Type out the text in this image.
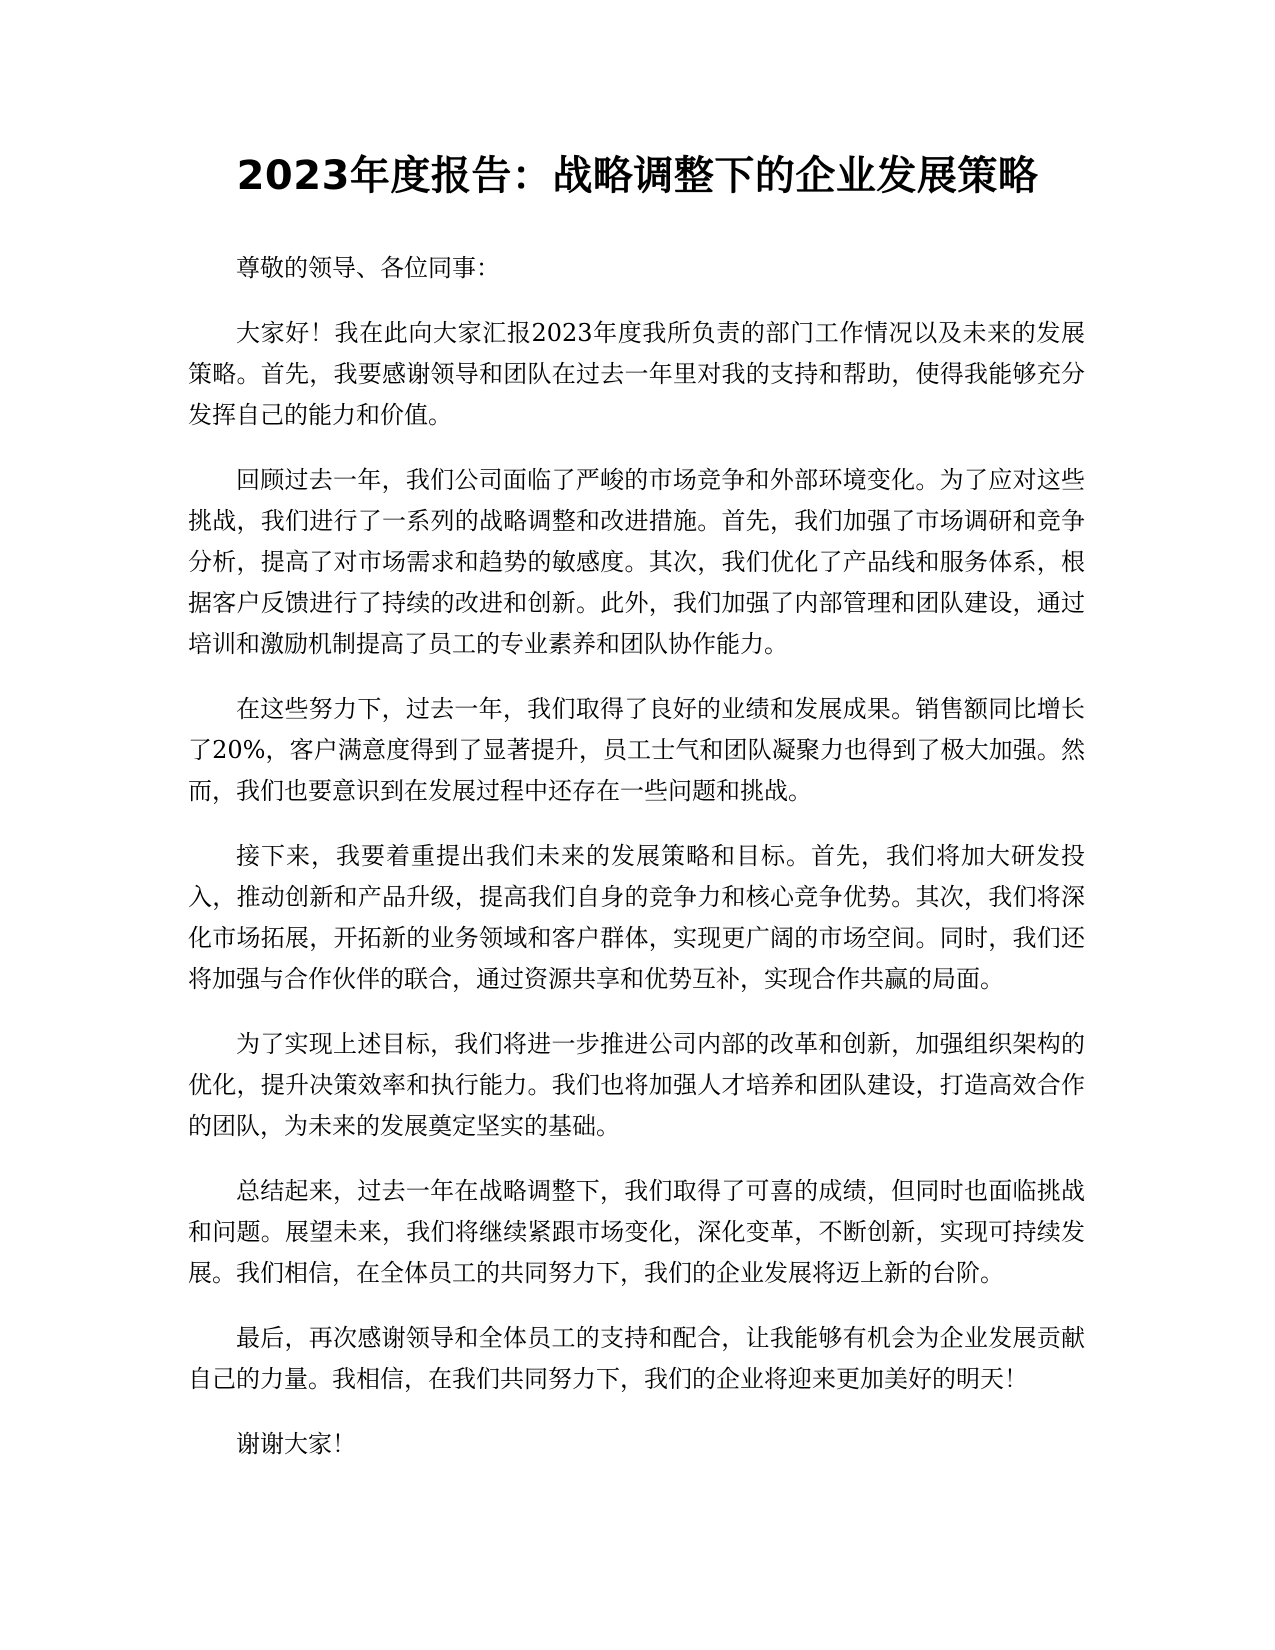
2023年度报告：战略调整下的企业发展策略

尊敬的领导、各位同事：

大家好！我在此向大家汇报2023年度我所负责的部门工作情况以及未来的发展策略。首先，我要感谢领导和团队在过去一年里对我的支持和帮助，使得我能够充分发挥自己的能力和价值。

回顾过去一年，我们公司面临了严峻的市场竞争和外部环境变化。为了应对这些挑战，我们进行了一系列的战略调整和改进措施。首先，我们加强了市场调研和竞争分析，提高了对市场需求和趋势的敏感度。其次，我们优化了产品线和服务体系，根据客户反馈进行了持续的改进和创新。此外，我们加强了内部管理和团队建设，通过培训和激励机制提高了员工的专业素养和团队协作能力。

在这些努力下，过去一年，我们取得了良好的业绩和发展成果。销售额同比增长了20%，客户满意度得到了显著提升，员工士气和团队凝聚力也得到了极大加强。然而，我们也要意识到在发展过程中还存在一些问题和挑战。

接下来，我要着重提出我们未来的发展策略和目标。首先，我们将加大研发投入，推动创新和产品升级，提高我们自身的竞争力和核心竞争优势。其次，我们将深化市场拓展，开拓新的业务领域和客户群体，实现更广阔的市场空间。同时，我们还将加强与合作伙伴的联合，通过资源共享和优势互补，实现合作共赢的局面。

为了实现上述目标，我们将进一步推进公司内部的改革和创新，加强组织架构的优化，提升决策效率和执行能力。我们也将加强人才培养和团队建设，打造高效合作的团队，为未来的发展奠定坚实的基础。

总结起来，过去一年在战略调整下，我们取得了可喜的成绩，但同时也面临挑战和问题。展望未来，我们将继续紧跟市场变化，深化变革，不断创新，实现可持续发展。我们相信，在全体员工的共同努力下，我们的企业发展将迈上新的台阶。

最后，再次感谢领导和全体员工的支持和配合，让我能够有机会为企业发展贡献自己的力量。我相信，在我们共同努力下，我们的企业将迎来更加美好的明天！

谢谢大家！
